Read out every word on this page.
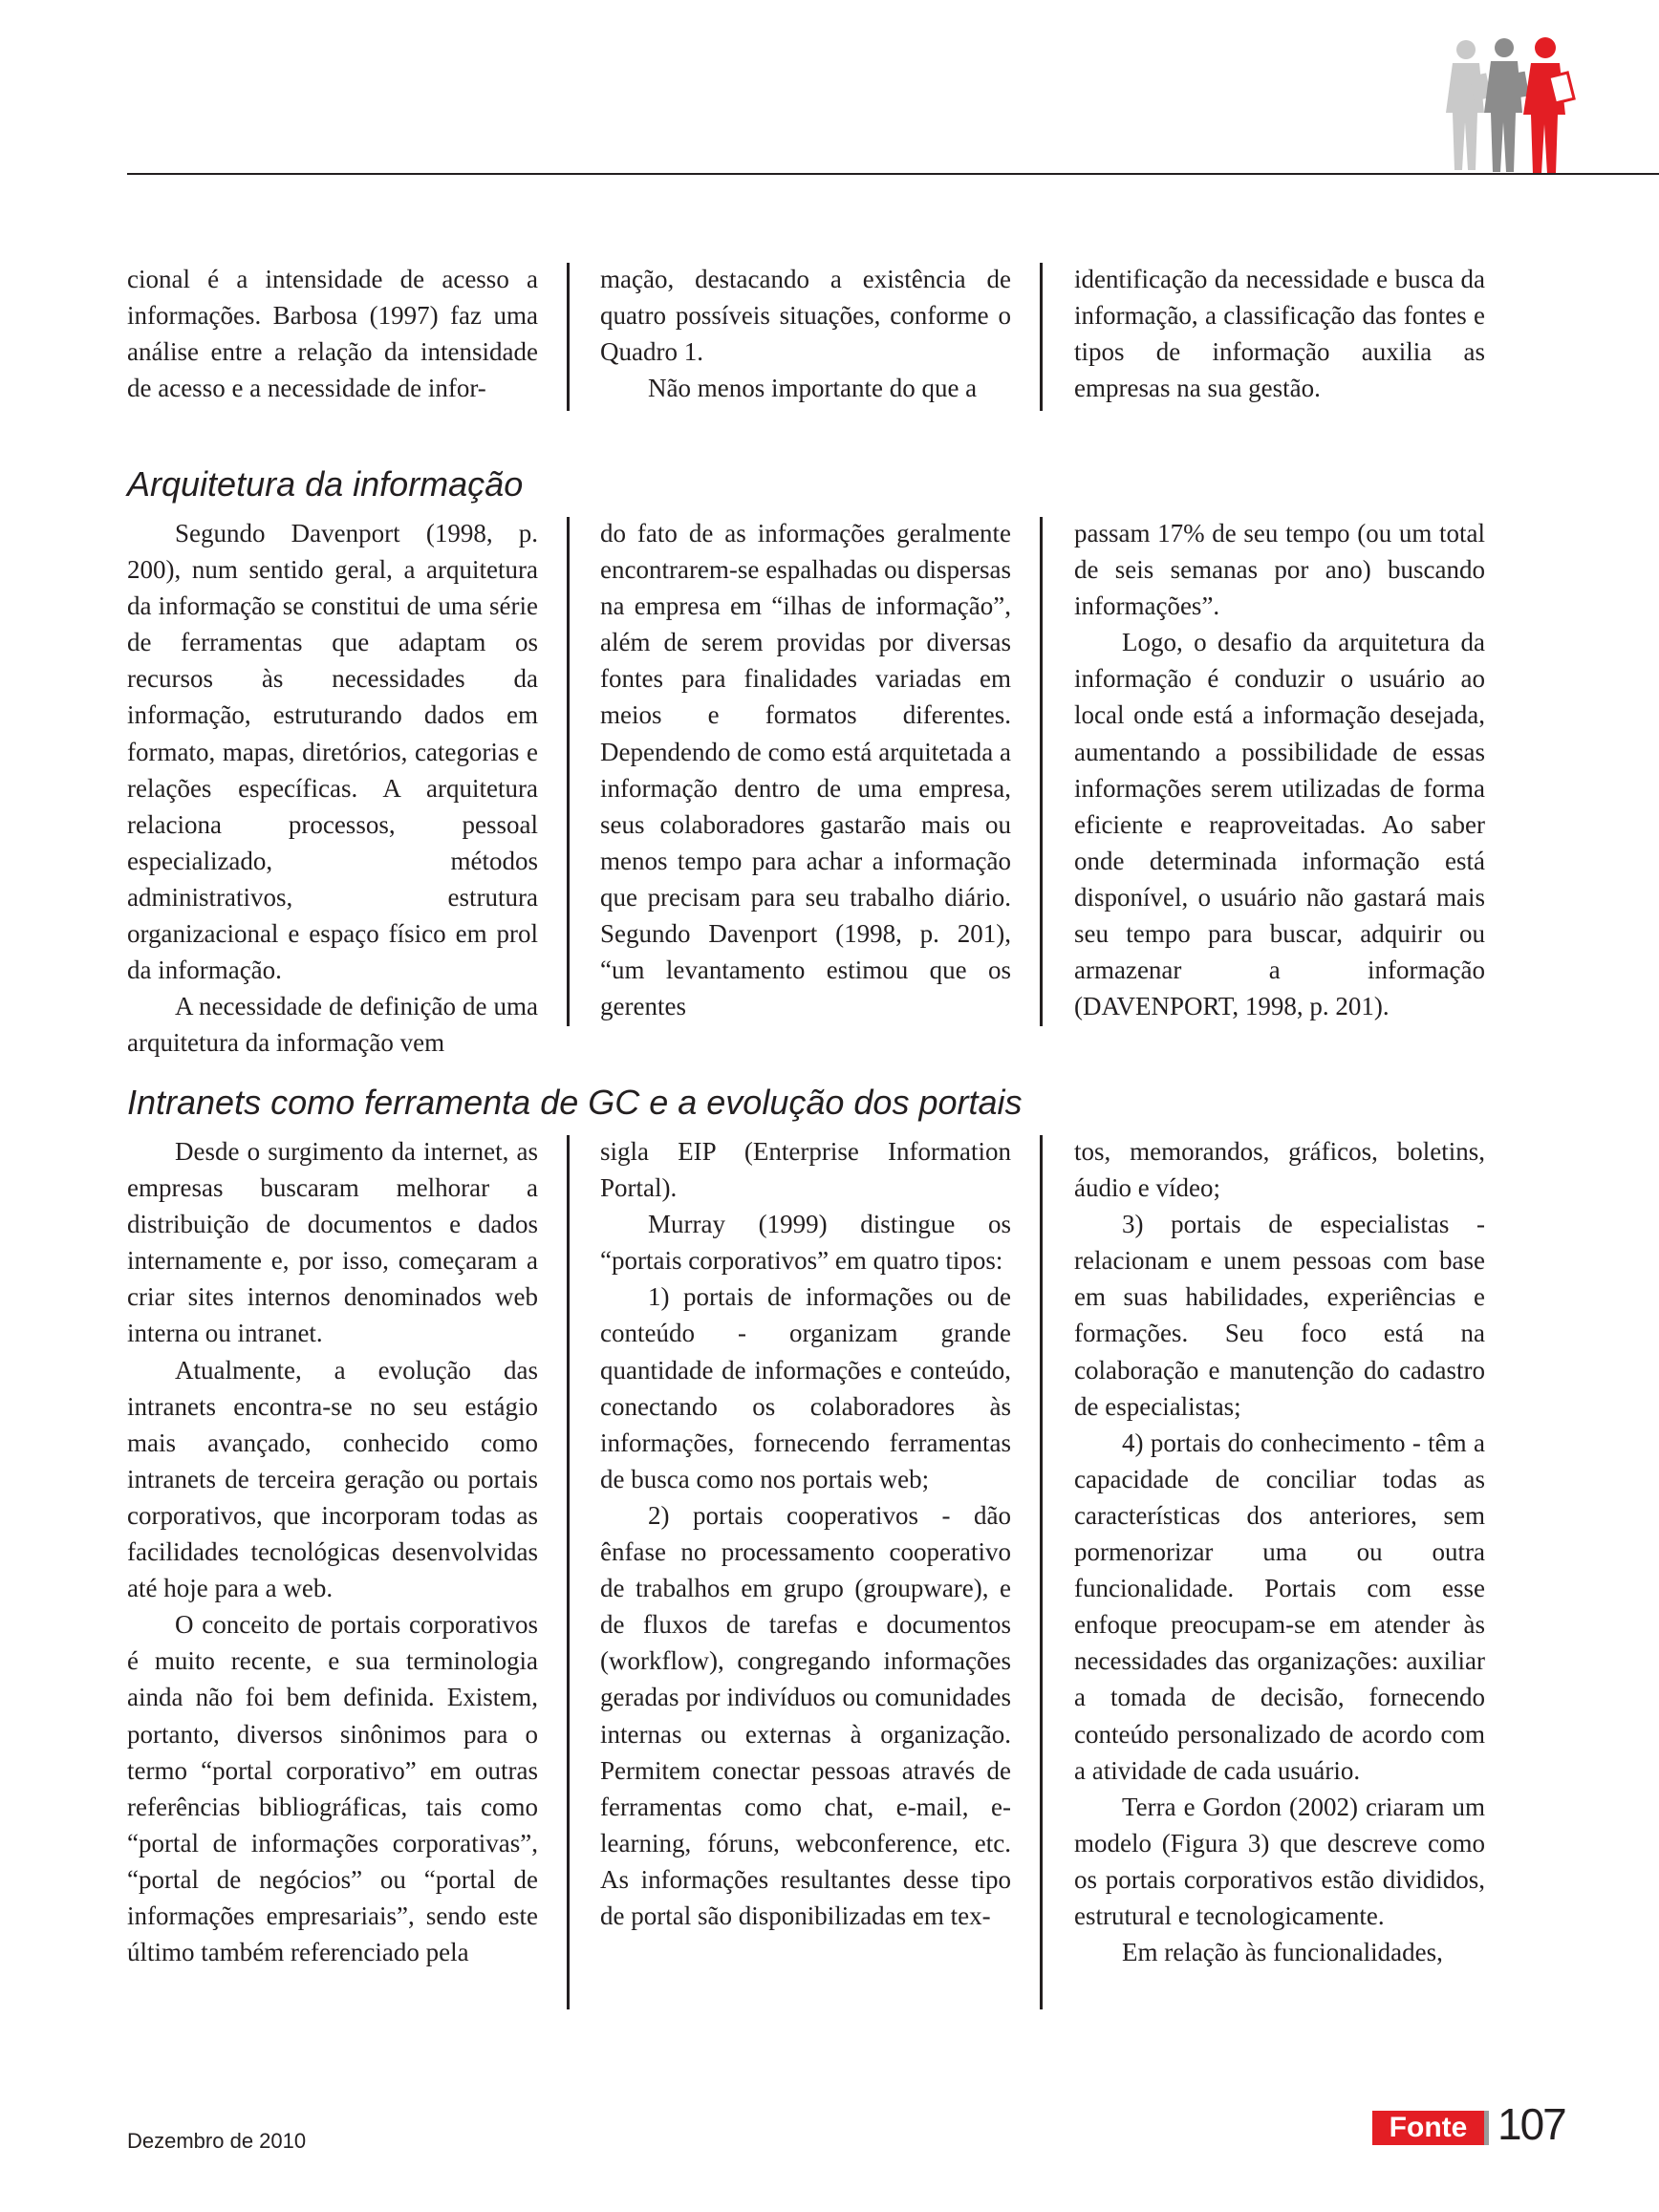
cional é a intensidade de acesso a informações. Barbosa (1997) faz uma análise entre a relação da intensidade de acesso e a necessidade de infor-

mação, destacando a existência de quatro possíveis situações, conforme o Quadro 1.

Não menos importante do que a

identificação da necessidade e busca da informação, a classificação das fontes e tipos de informação auxilia as empresas na sua gestão.

Arquitetura da informação

Segundo Davenport (1998, p. 200), num sentido geral, a arquitetura da informação se constitui de uma série de ferramentas que adaptam os recursos às necessidades da informação, estruturando dados em formato, mapas, diretórios, categorias e relações específicas. A arquitetura relaciona processos, pessoal especializado, métodos administrativos, estrutura organizacional e espaço físico em prol da informação.

A necessidade de definição de uma arquitetura da informação vem

do fato de as informações geralmente encontrarem-se espalhadas ou dispersas na empresa em “ilhas de informação”, além de serem providas por diversas fontes para finalidades variadas em meios e formatos diferentes. Dependendo de como está arquitetada a informação dentro de uma empresa, seus colaboradores gastarão mais ou menos tempo para achar a informação que precisam para seu trabalho diário. Segundo Davenport (1998, p. 201), “um levantamento estimou que os gerentes

passam 17% de seu tempo (ou um total de seis semanas por ano) buscando informações”.

Logo, o desafio da arquitetura da informação é conduzir o usuário ao local onde está a informação desejada, aumentando a possibilidade de essas informações serem utilizadas de forma eficiente e reaproveitadas. Ao saber onde determinada informação está disponível, o usuário não gastará mais seu tempo para buscar, adquirir ou armazenar a informação (DAVENPORT, 1998, p. 201).

Intranets como ferramenta de GC e a evolução dos portais

Desde o surgimento da internet, as empresas buscaram melhorar a distribuição de documentos e dados internamente e, por isso, começaram a criar sites internos denominados web interna ou intranet.

Atualmente, a evolução das intranets encontra-se no seu estágio mais avançado, conhecido como intranets de terceira geração ou portais corporativos, que incorporam todas as facilidades tecnológicas desenvolvidas até hoje para a web.

O conceito de portais corporativos é muito recente, e sua terminologia ainda não foi bem definida. Existem, portanto, diversos sinônimos para o termo “portal corporativo” em outras referências bibliográficas, tais como “portal de informações corporativas”, “portal de negócios” ou “portal de informações empresariais”, sendo este último também referenciado pela

sigla EIP (Enterprise Information Portal).

Murray (1999) distingue os “portais corporativos” em quatro tipos:

1) portais de informações ou de conteúdo - organizam grande quantidade de informações e conteúdo, conectando os colaboradores às informações, fornecendo ferramentas de busca como nos portais web;

2) portais cooperativos - dão ênfase no processamento cooperativo de trabalhos em grupo (groupware), e de fluxos de tarefas e documentos (workflow), congregando informações geradas por indivíduos ou comunidades internas ou externas à organização. Permitem conectar pessoas através de ferramentas como chat, e-mail, e-learning, fóruns, webconference, etc. As informações resultantes desse tipo de portal são disponibilizadas em tex-

tos, memorandos, gráficos, boletins, áudio e vídeo;

3) portais de especialistas - relacionam e unem pessoas com base em suas habilidades, experiências e formações. Seu foco está na colaboração e manutenção do cadastro de especialistas;

4) portais do conhecimento - têm a capacidade de conciliar todas as características dos anteriores, sem pormenorizar uma ou outra funcionalidade. Portais com esse enfoque preocupam-se em atender às necessidades das organizações: auxiliar a tomada de decisão, fornecendo conteúdo personalizado de acordo com a atividade de cada usuário.

Terra e Gordon (2002) criaram um modelo (Figura 3) que descreve como os portais corporativos estão divididos, estrutural e tecnologicamente.

Em relação às funcionalidades,

Dezembro de 2010	Fonte 107
